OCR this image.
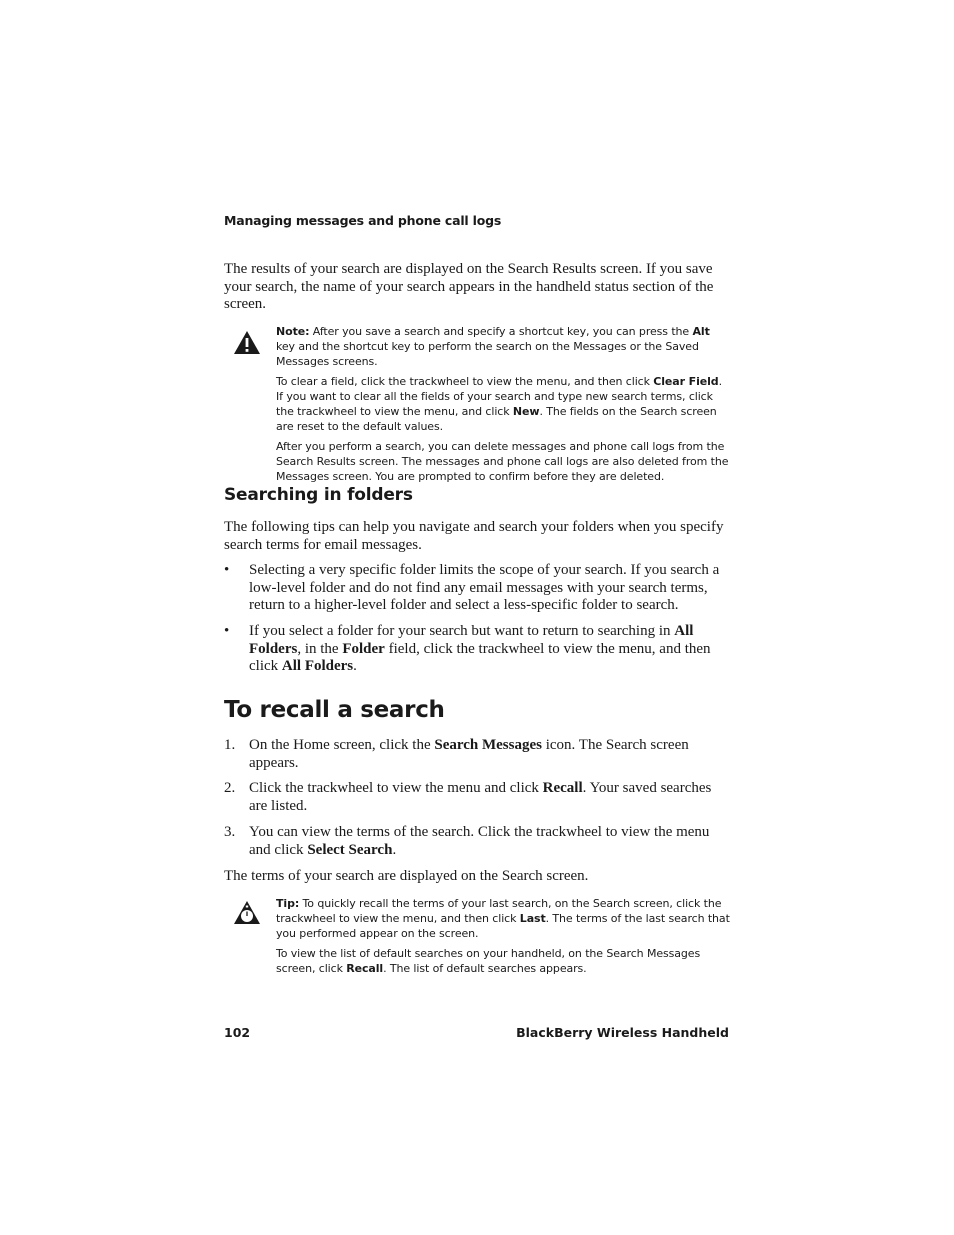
Managing messages and phone call logs

The results of your search are displayed on the Search Results screen. If you save your search, the name of your search appears in the handheld status section of the screen.

Note: After you save a search and specify a shortcut key, you can press the Alt key and the shortcut key to perform the search on the Messages or the Saved Messages screens.

To clear a field, click the trackwheel to view the menu, and then click Clear Field. If you want to clear all the fields of your search and type new search terms, click the trackwheel to view the menu, and click New. The fields on the Search screen are reset to the default values.

After you perform a search, you can delete messages and phone call logs from the Search Results screen. The messages and phone call logs are also deleted from the Messages screen. You are prompted to confirm before they are deleted.

Searching in folders

The following tips can help you navigate and search your folders when you specify search terms for email messages.

•	Selecting a very specific folder limits the scope of your search. If you search a low-level folder and do not find any email messages with your search terms, return to a higher-level folder and select a less-specific folder to search.
•	If you select a folder for your search but want to return to searching in All Folders, in the Folder field, click the trackwheel to view the menu, and then click All Folders.
To recall a search
1. On the Home screen, click the Search Messages icon. The Search screen appears.
2. Click the trackwheel to view the menu and click Recall. Your saved searches are listed.
3. You can view the terms of the search. Click the trackwheel to view the menu and click Select Search.

The terms of your search are displayed on the Search screen.

Tip: To quickly recall the terms of your last search, on the Search screen, click the trackwheel to view the menu, and then click Last. The terms of the last search that you performed appear on the screen.

To view the list of default searches on your handheld, on the Search Messages screen, click Recall. The list of default searches appears.

102	BlackBerry Wireless Handheld
